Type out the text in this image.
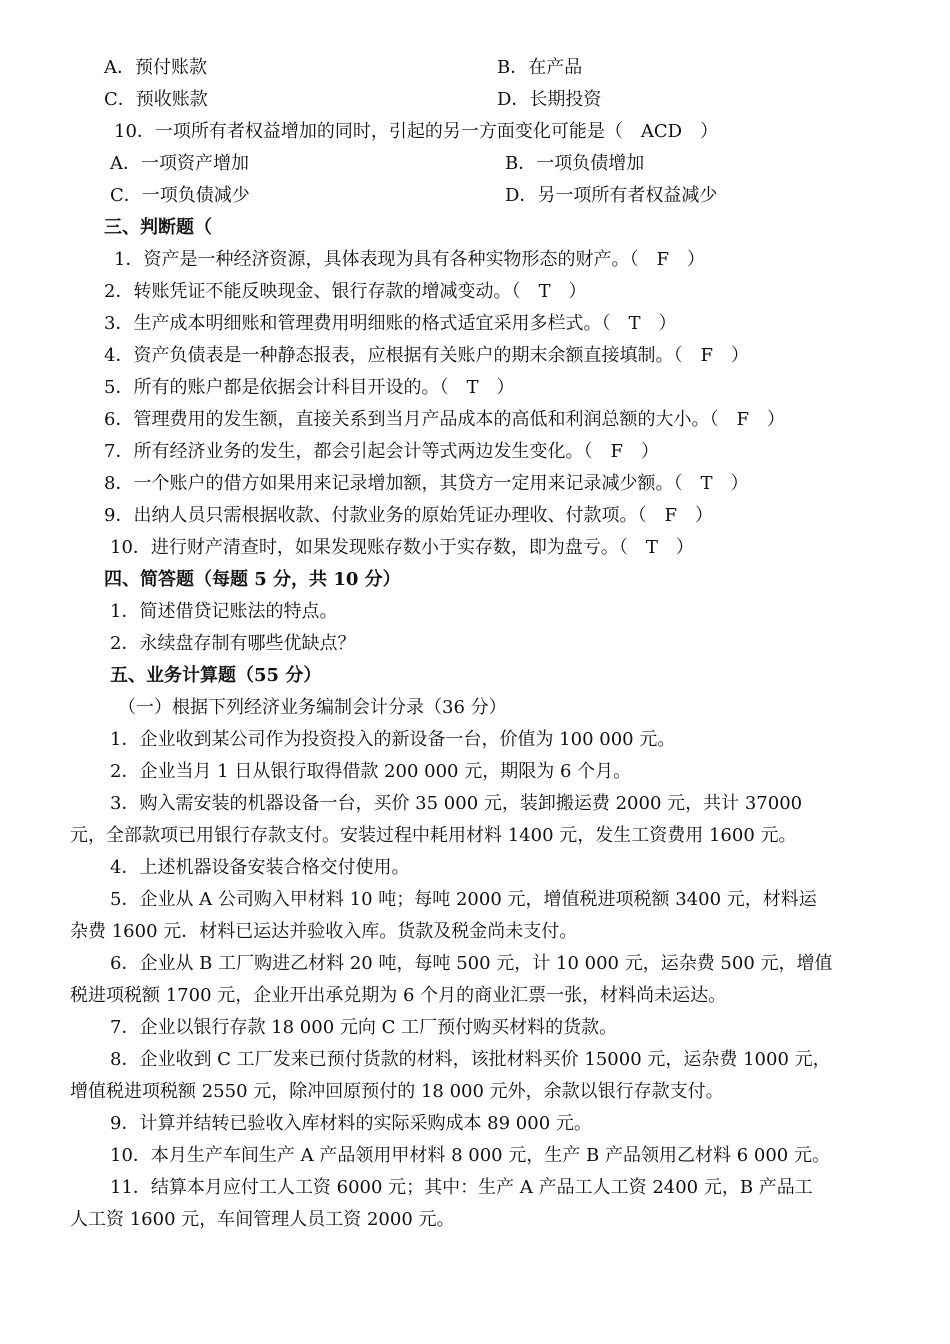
A．预付账款	B．在产品
C．预收账款	D．长期投资
10．一项所有者权益增加的同时，引起的另一方面变化可能是（　ACD　）
A．一项资产增加	B．一项负债增加
C．一项负债减少	D．另一项所有者权益减少
三、判断题（
1．资产是一种经济资源，具体表现为具有各种实物形态的财产。（　F　）
2．转账凭证不能反映现金、银行存款的增减变动。（　T　）
3．生产成本明细账和管理费用明细账的格式适宜采用多栏式。（　T　）
4．资产负债表是一种静态报表，应根据有关账户的期末余额直接填制。（　F　）
5．所有的账户都是依据会计科目开设的。（　T　）
6．管理费用的发生额，直接关系到当月产品成本的高低和利润总额的大小。（　F　）
7．所有经济业务的发生，都会引起会计等式两边发生变化。（　F　）
8．一个账户的借方如果用来记录增加额，其贷方一定用来记录减少额。（　T　）
9．出纳人员只需根据收款、付款业务的原始凭证办理收、付款项。（　F　）
10．进行财产清查时，如果发现账存数小于实存数，即为盘亏。（　T　）
四、简答题（每题 5 分，共 10 分）
1．简述借贷记账法的特点。
2．永续盘存制有哪些优缺点？
五、业务计算题（55 分）
（一）根据下列经济业务编制会计分录（36 分）
1．企业收到某公司作为投资投入的新设备一台，价值为 100 000 元。
2．企业当月 1 日从银行取得借款 200 000 元，期限为 6 个月。
3．购入需安装的机器设备一台，买价 35 000 元，装卸搬运费 2000 元，共计 37000
元，全部款项已用银行存款支付。安装过程中耗用材料 1400 元，发生工资费用 1600 元。
4．上述机器设备安装合格交付使用。
5．企业从 A 公司购入甲材料 10 吨；每吨 2000 元，增值税进项税额 3400 元，材料运
杂费 1600 元．材料已运达并验收入库。货款及税金尚未支付。
6．企业从 B 工厂购进乙材料 20 吨，每吨 500 元，计 10 000 元，运杂费 500 元，增值
税进项税额 1700 元，企业开出承兑期为 6 个月的商业汇票一张，材料尚未运达。
7．企业以银行存款 18 000 元向 C 工厂预付购买材料的货款。
8．企业收到 C 工厂发来已预付货款的材料，该批材料买价 15000 元，运杂费 1000 元，
增值税进项税额 2550 元，除冲回原预付的 18 000 元外，余款以银行存款支付。
9．计算并结转已验收入库材料的实际采购成本 89 000 元。
10．本月生产车间生产 A 产品领用甲材料 8 000 元，生产 B 产品领用乙材料 6 000 元。
11．结算本月应付工人工资 6000 元；其中：生产 A 产品工人工资 2400 元，B 产品工
人工资 1600 元，车间管理人员工资 2000 元。
